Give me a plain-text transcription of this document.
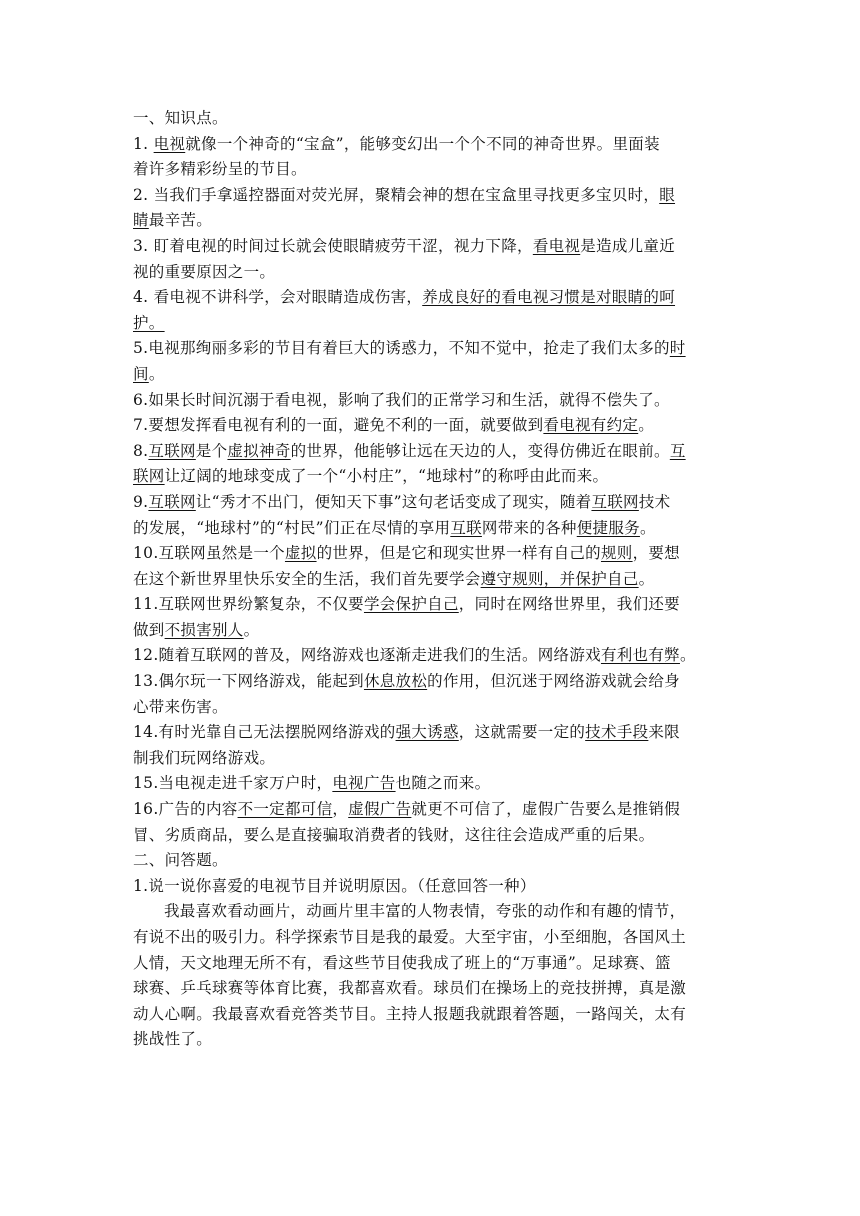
一、知识点。
1. 电视就像一个神奇的“宝盒”，能够变幻出一个个不同的神奇世界。里面装
着许多精彩纷呈的节目。
2. 当我们手拿遥控器面对荧光屏，聚精会神的想在宝盒里寻找更多宝贝时，眼
睛最辛苦。
3. 盯着电视的时间过长就会使眼睛疲劳干涩，视力下降，看电视是造成儿童近
视的重要原因之一。
4. 看电视不讲科学，会对眼睛造成伤害，养成良好的看电视习惯是对眼睛的呵
护。
5.电视那绚丽多彩的节目有着巨大的诱惑力，不知不觉中，抢走了我们太多的时
间。
6.如果长时间沉溺于看电视，影响了我们的正常学习和生活，就得不偿失了。
7.要想发挥看电视有利的一面，避免不利的一面，就要做到看电视有约定。
8.互联网是个虚拟神奇的世界，他能够让远在天边的人，变得仿佛近在眼前。互
联网让辽阔的地球变成了一个“小村庄”，“地球村”的称呼由此而来。
9.互联网让“秀才不出门，便知天下事”这句老话变成了现实，随着互联网技术
的发展，“地球村”的“村民”们正在尽情的享用互联网带来的各种便捷服务。
10.互联网虽然是一个虚拟的世界，但是它和现实世界一样有自己的规则，要想
在这个新世界里快乐安全的生活，我们首先要学会遵守规则，并保护自己。
11.互联网世界纷繁复杂，不仅要学会保护自己，同时在网络世界里，我们还要
做到不损害别人。
12.随着互联网的普及，网络游戏也逐渐走进我们的生活。网络游戏有利也有弊。
13.偶尔玩一下网络游戏，能起到休息放松的作用，但沉迷于网络游戏就会给身
心带来伤害。
14.有时光靠自己无法摆脱网络游戏的强大诱惑，这就需要一定的技术手段来限
制我们玩网络游戏。
15.当电视走进千家万户时，电视广告也随之而来。
16.广告的内容不一定都可信，虚假广告就更不可信了，虚假广告要么是推销假
冒、劣质商品，要么是直接骗取消费者的钱财，这往往会造成严重的后果。
二、问答题。
1.说一说你喜爱的电视节目并说明原因。（任意回答一种）
我最喜欢看动画片，动画片里丰富的人物表情，夸张的动作和有趣的情节，
有说不出的吸引力。科学探索节目是我的最爱。大至宇宙，小至细胞，各国风土
人情，天文地理无所不有，看这些节目使我成了班上的“万事通”。足球赛、篮
球赛、乒乓球赛等体育比赛，我都喜欢看。球员们在操场上的竞技拼搏，真是激
动人心啊。我最喜欢看竞答类节目。主持人报题我就跟着答题，一路闯关，太有
挑战性了。
